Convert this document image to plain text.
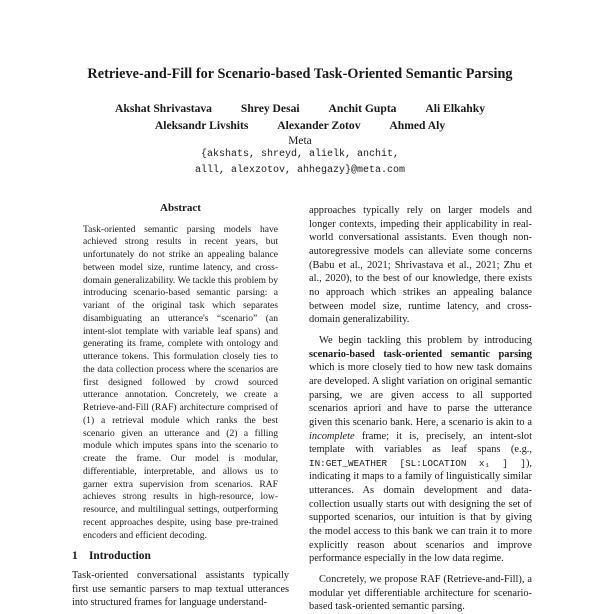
Retrieve-and-Fill for Scenario-based Task-Oriented Semantic Parsing
Akshat Shrivastava Shrey Desai Anchit Gupta Ali Elkahky
Aleksandr Livshits Alexander Zotov Ahmed Aly
Meta
{akshats, shreyd, alielk, anchit,
alll, alexzotov, ahhegazy}@meta.com
Abstract

Task-oriented semantic parsing models have achieved strong results in recent years, but unfortunately do not strike an appealing balance between model size, runtime latency, and cross-domain generalizability. We tackle this problem by introducing scenario-based semantic parsing: a variant of the original task which separates disambiguating an utterance's “scenario” (an intent-slot template with variable leaf spans) and generating its frame, complete with ontology and utterance tokens. This formulation closely ties to the data collection process where the scenarios are first designed followed by crowd sourced utterance annotation. Concretely, we create a Retrieve-and-Fill (RAF) architecture comprised of (1) a retrieval module which ranks the best scenario given an utterance and (2) a filling module which imputes spans into the scenario to create the frame. Our model is modular, differentiable, interpretable, and allows us to garner extra supervision from scenarios. RAF achieves strong results in high-resource, low-resource, and multilingual settings, outperforming recent approaches despite, using base pre-trained encoders and efficient decoding.

1 Introduction

Task-oriented conversational assistants typically first use semantic parsers to map textual utterances into structured frames for language understand-

approaches typically rely on larger models and longer contexts, impeding their applicability in real-world conversational assistants. Even though non-autoregressive models can alleviate some concerns (Babu et al., 2021; Shrivastava et al., 2021; Zhu et al., 2020), to the best of our knowledge, there exists no approach which strikes an appealing balance between model size, runtime latency, and cross-domain generalizability.

We begin tackling this problem by introducing scenario-based task-oriented semantic parsing which is more closely tied to how new task domains are developed. A slight variation on original semantic parsing, we are given access to all supported scenarios apriori and have to parse the utterance given this scenario bank. Here, a scenario is akin to a incomplete frame; it is, precisely, an intent-slot template with variables as leaf spans (e.g., IN:GET_WEATHER [SL:LOCATION x₁ ] ]), indicating it maps to a family of linguistically similar utterances. As domain development and data-collection usually starts out with designing the set of supported scenarios, our intuition is that by giving the model access to this bank we can train it to more explicitly reason about scenarios and improve performance especially in the low data regime.

Concretely, we propose RAF (Retrieve-and-Fill), a modular yet differentiable architecture for scenario-based task-oriented semantic parsing.
